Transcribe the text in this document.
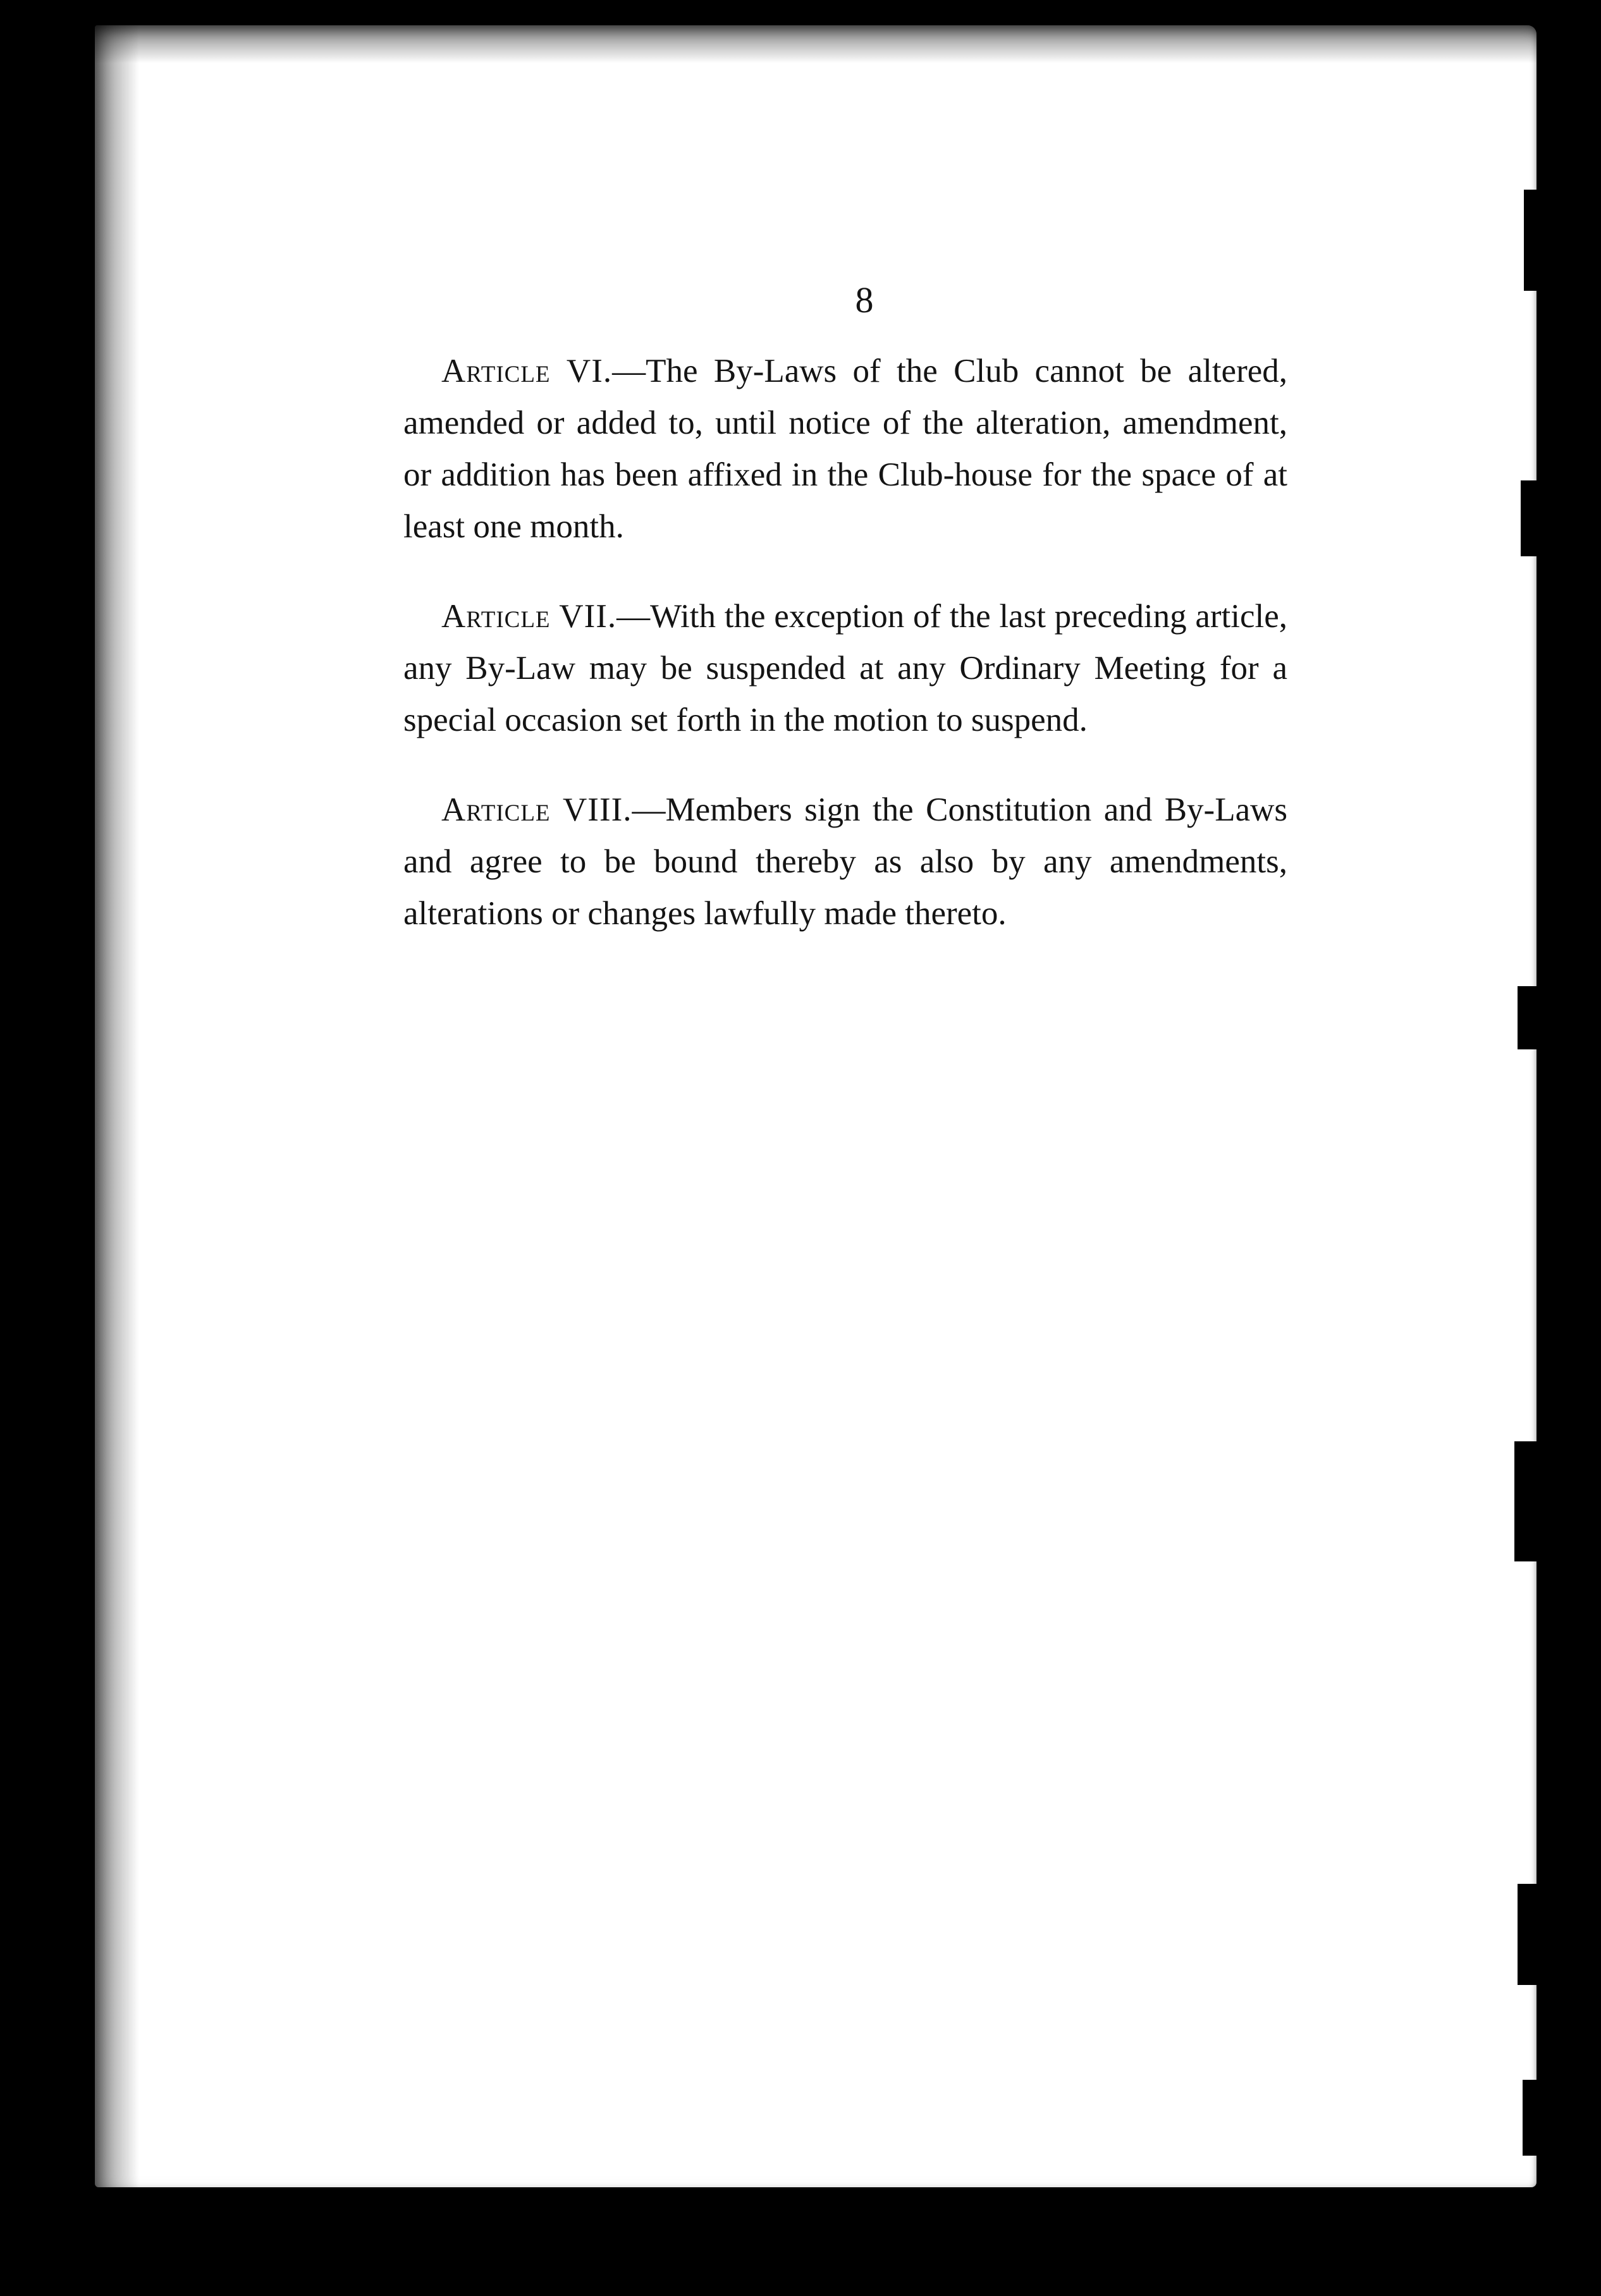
8

Article VI.—The By-Laws of the Club cannot be altered, amended or added to, until notice of the alteration, amendment, or addition has been affixed in the Club-house for the space of at least one month.

Article VII.—With the exception of the last preceding article, any By-Law may be suspended at any Ordinary Meeting for a special occasion set forth in the motion to suspend.

Article VIII.—Members sign the Constitution and By-Laws and agree to be bound thereby as also by any amendments, alterations or changes lawfully made thereto.
